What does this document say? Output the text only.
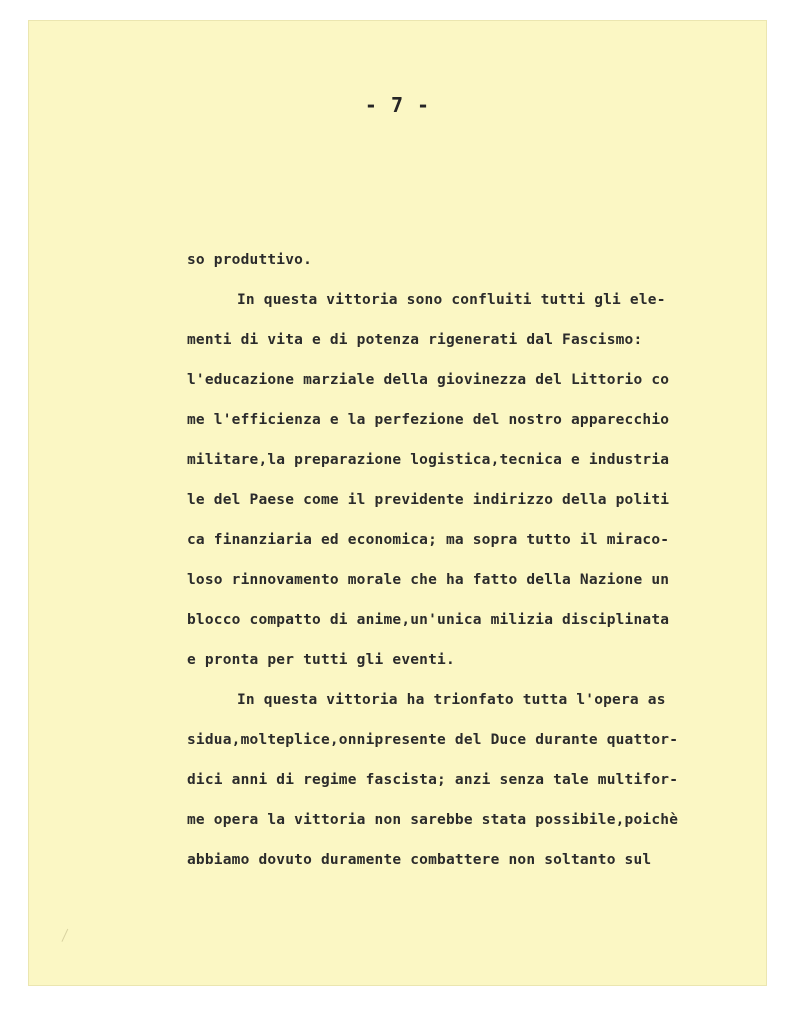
- 7 -
so produttivo.
In questa vittoria sono confluiti tutti gli ele-
menti di vita e di potenza rigenerati dal Fascismo:
l'educazione marziale della giovinezza del Littorio co
me l'efficienza e la perfezione del nostro apparecchio
militare,la preparazione logistica,tecnica e industria
le del Paese come il previdente indirizzo della politi
ca finanziaria ed economica; ma sopra tutto il miraco-
loso rinnovamento morale che ha fatto della Nazione un
blocco compatto di anime,un'unica milizia disciplinata
e pronta per tutti gli eventi.
In questa vittoria ha trionfato tutta l'opera as
sidua,molteplice,onnipresente del Duce durante quattor-
dici anni di regime fascista; anzi senza tale multifor-
me opera la vittoria non sarebbe stata possibile,poichè
abbiamo dovuto duramente combattere non soltanto sul
